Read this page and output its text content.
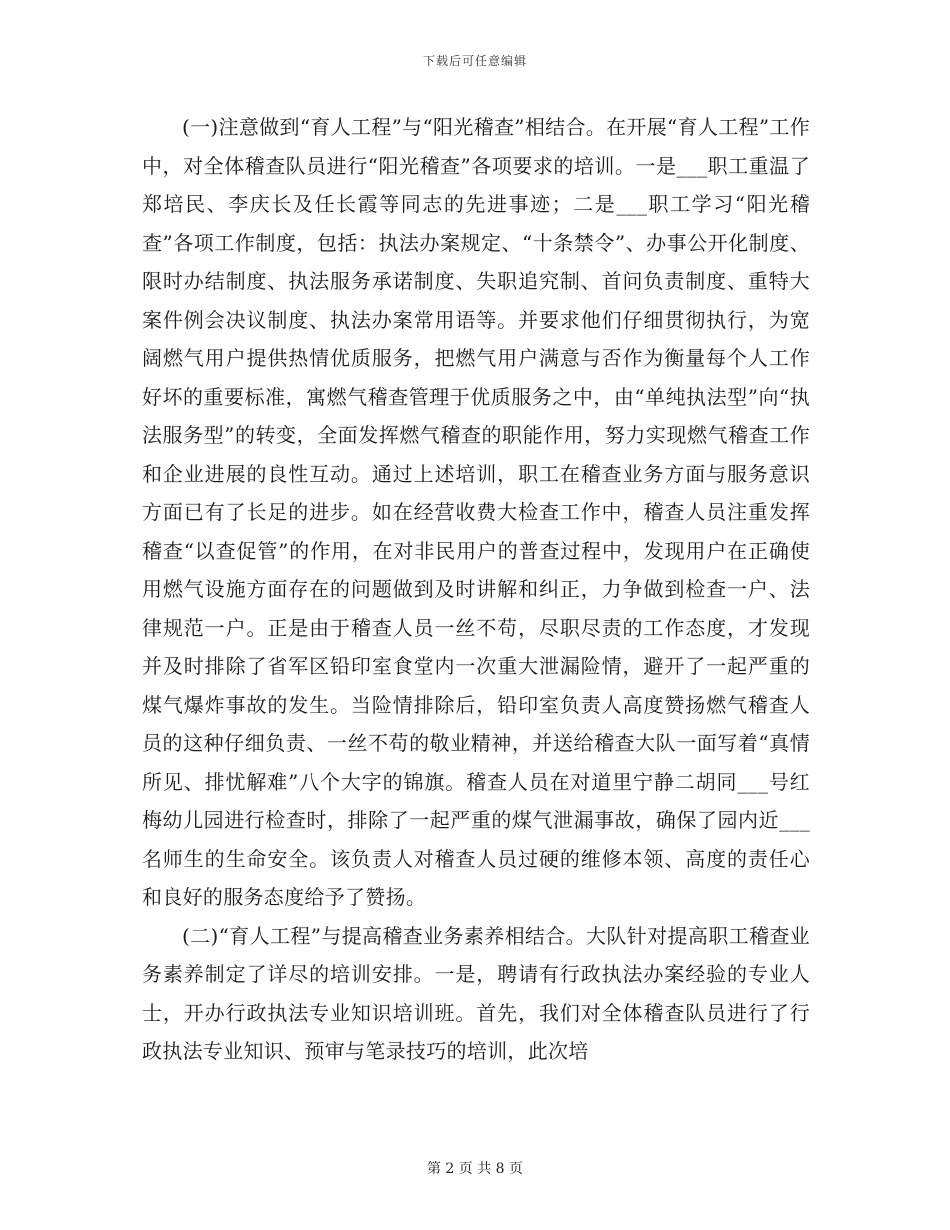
下载后可任意编辑

(一)注意做到“育人工程”与“阳光稽查”相结合。在开展“育人工程”工作中，对全体稽查队员进行“阳光稽查”各项要求的培训。一是___职工重温了郑培民、李庆长及任长霞等同志的先进事迹；二是___职工学习“阳光稽查”各项工作制度，包括：执法办案规定、“十条禁令”、办事公开化制度、限时办结制度、执法服务承诺制度、失职追究制、首问负责制度、重特大案件例会决议制度、执法办案常用语等。并要求他们仔细贯彻执行，为宽阔燃气用户提供热情优质服务，把燃气用户满意与否作为衡量每个人工作好坏的重要标准，寓燃气稽查管理于优质服务之中，由“单纯执法型”向“执法服务型”的转变，全面发挥燃气稽查的职能作用，努力实现燃气稽查工作和企业进展的良性互动。通过上述培训，职工在稽查业务方面与服务意识方面已有了长足的进步。如在经营收费大检查工作中，稽查人员注重发挥稽查“以查促管”的作用，在对非民用户的普查过程中，发现用户在正确使用燃气设施方面存在的问题做到及时讲解和纠正，力争做到检查一户、法律规范一户。正是由于稽查人员一丝不苟，尽职尽责的工作态度，才发现并及时排除了省军区铅印室食堂内一次重大泄漏险情，避开了一起严重的煤气爆炸事故的发生。当险情排除后，铅印室负责人高度赞扬燃气稽查人员的这种仔细负责、一丝不苟的敬业精神，并送给稽查大队一面写着“真情所见、排忧解难”八个大字的锦旗。稽查人员在对道里宁静二胡同___号红梅幼儿园进行检查时，排除了一起严重的煤气泄漏事故，确保了园内近___名师生的生命安全。该负责人对稽查人员过硬的维修本领、高度的责任心和良好的服务态度给予了赞扬。

(二)“育人工程”与提高稽查业务素养相结合。大队针对提高职工稽查业务素养制定了详尽的培训安排。一是，聘请有行政执法办案经验的专业人士，开办行政执法专业知识培训班。首先，我们对全体稽查队员进行了行政执法专业知识、预审与笔录技巧的培训，此次培

第 2 页 共 8 页
